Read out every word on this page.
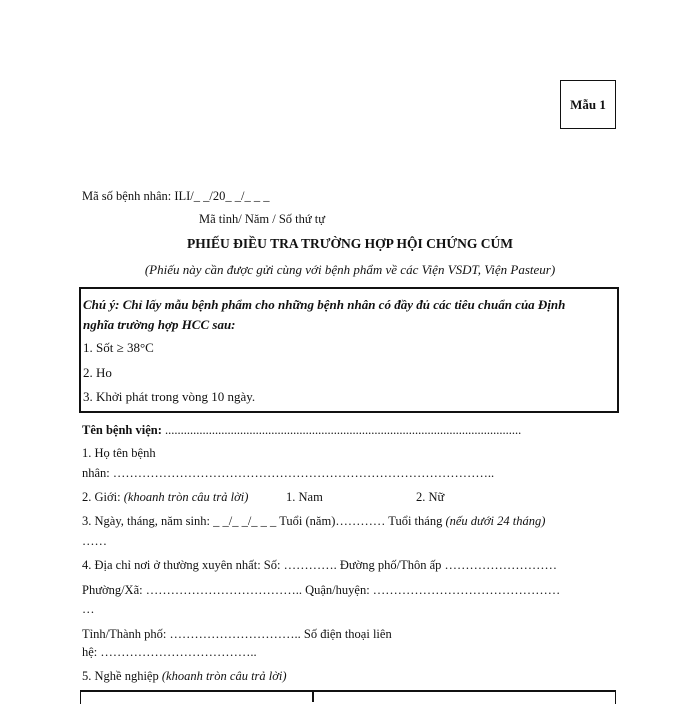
Mẫu 1
Mã số bệnh nhân: ILI/_ _/20_ _/_ _ _
Mã tỉnh/ Năm / Số thứ tự
PHIẾU ĐIỀU TRA TRƯỜNG HỢP HỘI CHỨNG CÚM
(Phiếu này cần được gửi cùng với bệnh phẩm về các Viện VSDT, Viện Pasteur)
Chú ý: Chỉ lấy mẫu bệnh phẩm cho những bệnh nhân có đầy đủ các tiêu chuẩn của Định
nghĩa trường hợp HCC sau:
1. Sốt ≥ 38°C
2. Ho
3. Khởi phát trong vòng 10 ngày.
Tên bệnh viện: ..................................................................................................................
1. Họ tên bệnh
nhân: ………………………………………………………………………………..
2. Giới: (khoanh tròn câu trả lời)	1. Nam	2. Nữ
3. Ngày, tháng, năm sinh: _ _/_ _/_ _ _ Tuổi (năm)………… Tuổi tháng (nếu dưới 24 tháng)
……
4. Địa chỉ nơi ở thường xuyên nhất: Số: …………. Đường phố/Thôn ấp ………………………
Phường/Xã: ……………………………….. Quận/huyện: ………………………………………
…
Tỉnh/Thành phố: ………………………….. Số điện thoại liên
hệ: ………………………………..
5. Nghề nghiệp (khoanh tròn câu trả lời)
